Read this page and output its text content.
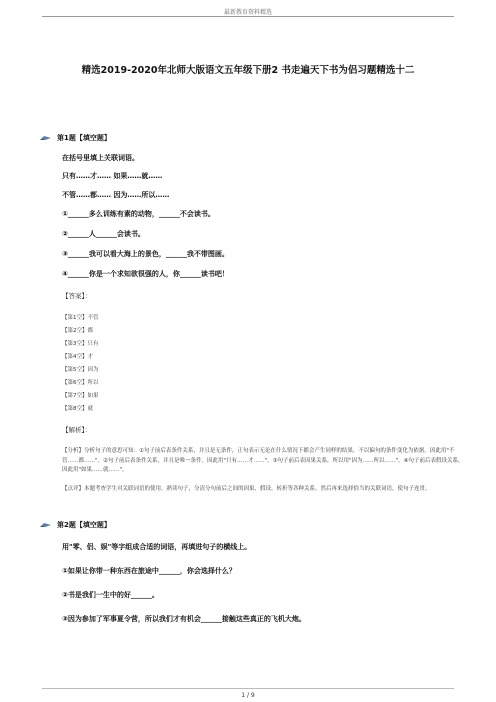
最新教育资料精选
精选2019-2020年北师大版语文五年级下册2 书走遍天下书为侣习题精选十二
第1题【填空题】
在括号里填上关联词语。
只有……才…… 如果……就……
不管……都…… 因为……所以……
①______多么训练有素的动物，______不会读书。
②______人______会读书。
③______我可以看大海上的景色，______我不带图画。
④______你是一个求知欲很强的人，你______读书吧！
【答案】：
【第1空】不管
【第2空】都
【第3空】只有
【第4空】才
【第5空】因为
【第6空】所以
【第7空】如果
【第8空】就
【解析】：
【分析】分析句子的意思可知：①句子前后表条件关系，并且是无条件，正句表示无论在什么情况下都会产生同样的结果，不以偏句的条件变化为依据。因此用"不管……都……"。②句子前后表条件关系，并且是唯一条件。因此用"只有……才……"。③句子前后表因果关系，所以用"因为……所以……"。④句子前后表假设关系，因此用"如果……就……"。
【点评】本题考查学生对关联词语的使用。熟读句子，分清分句前后之间的因果、假设、转折等各种关系。然后再来选择恰当的关联词语，使句子连贯。
第2题【填空题】
用"零、侣、娱"等字组成合适的词语，再填进句子的横线上。
①如果让你带一种东西在旅途中______，你会选择什么？
②书是我们一生中的好______。
③因为参加了军事夏令营，所以我们才有机会______接触这些真正的飞机大炮。
1 / 9
